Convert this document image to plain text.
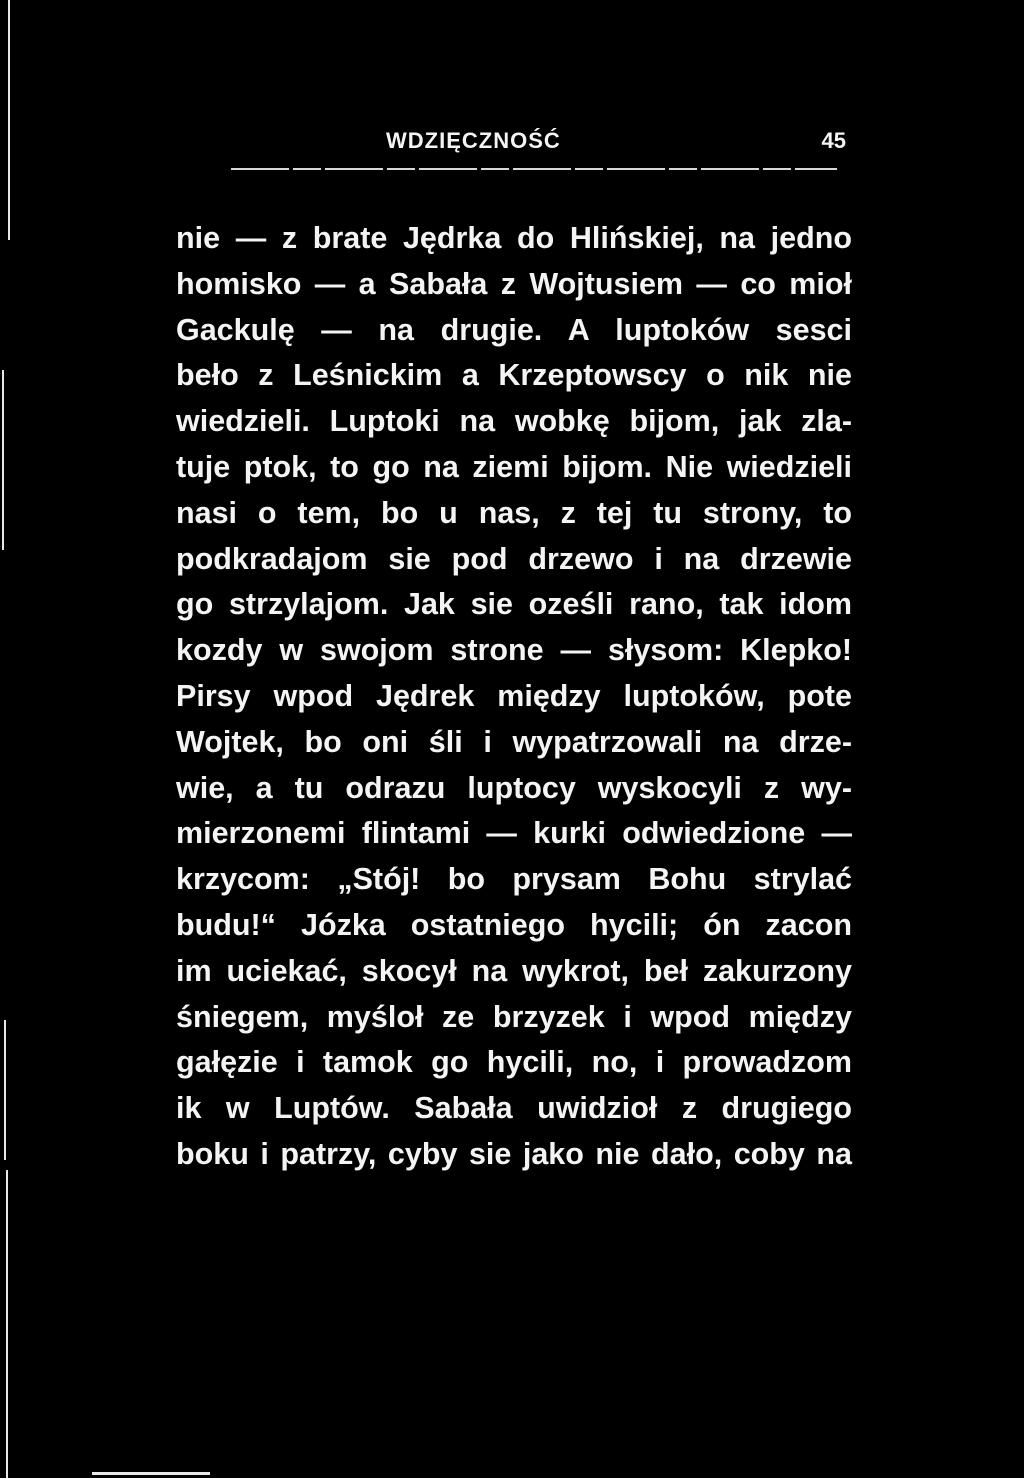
WDZIĘCZNOŚĆ	45
nie — z brate Jędrka do Hlińskiej, na jedno
homisko — a Sabała z Wojtusiem — co mioł
Gackulę — na drugie. A luptoków sesci
beło z Leśnickim a Krzeptowscy o nik nie
wiedzieli. Luptoki na wobkę bijom, jak zla-
tuje ptok, to go na ziemi bijom. Nie wiedzieli
nasi o tem, bo u nas, z tej tu strony, to
podkradajom sie pod drzewo i na drzewie
go strzylajom. Jak sie oześli rano, tak idom
kozdy w swojom strone — słysom: Klepko!
Pirsy wpod Jędrek między luptoków, pote
Wojtek, bo oni śli i wypatrzowali na drze-
wie, a tu odrazu luptocy wyskocyli z wy-
mierzonemi flintami — kurki odwiedzione —
krzycom: „Stój! bo prysam Bohu strylać
budu!“ Józka ostatniego hycili; ón zacon
im uciekać, skocył na wykrot, beł zakurzony
śniegem, myśloł ze brzyzek i wpod między
gałęzie i tamok go hycili, no, i prowadzom
ik w Luptów. Sabała uwidzioł z drugiego
boku i patrzy, cyby sie jako nie dało, coby na
